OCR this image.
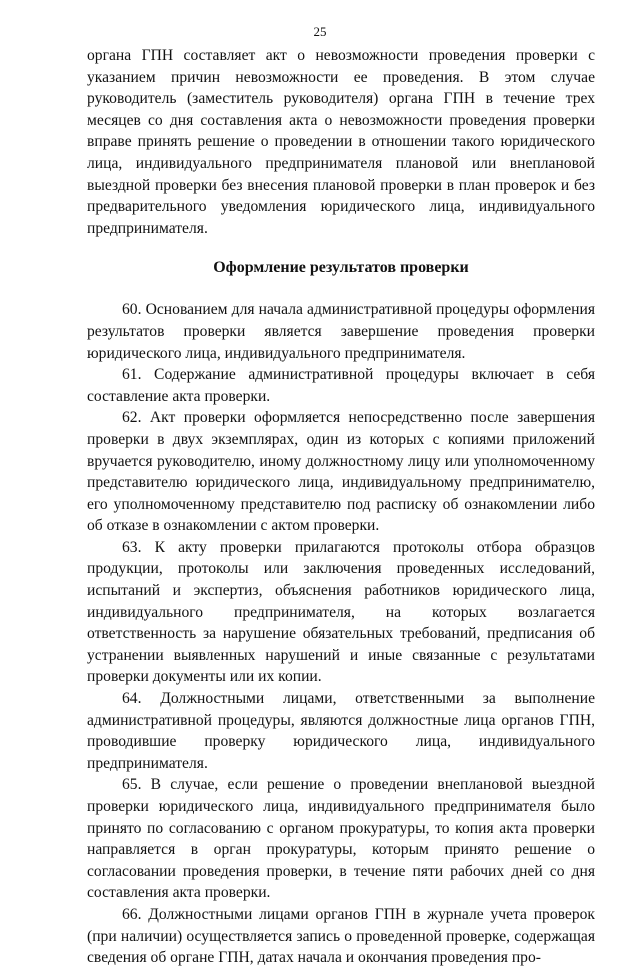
25

органа ГПН составляет акт о невозможности проведения проверки с указанием причин невозможности ее проведения. В этом случае руководитель (заместитель руководителя) органа ГПН в течение трех месяцев со дня составления акта о невозможности проведения проверки вправе принять решение о проведении в отношении такого юридического лица, индивидуального предпринимателя плановой или внеплановой выездной проверки без внесения плановой проверки в план проверок и без предварительного уведомления юридического лица, индивидуального предпринимателя.

Оформление результатов проверки

60. Основанием для начала административной процедуры оформления результатов проверки является завершение проведения проверки юридического лица, индивидуального предпринимателя.

61. Содержание административной процедуры включает в себя составление акта проверки.

62. Акт проверки оформляется непосредственно после завершения проверки в двух экземплярах, один из которых с копиями приложений вручается руководителю, иному должностному лицу или уполномоченному представителю юридического лица, индивидуальному предпринимателю, его уполномоченному представителю под расписку об ознакомлении либо об отказе в ознакомлении с актом проверки.

63. К акту проверки прилагаются протоколы отбора образцов продукции, протоколы или заключения проведенных исследований, испытаний и экспертиз, объяснения работников юридического лица, индивидуального предпринимателя, на которых возлагается ответственность за нарушение обязательных требований, предписания об устранении выявленных нарушений и иные связанные с результатами проверки документы или их копии.

64. Должностными лицами, ответственными за выполнение административной процедуры, являются должностные лица органов ГПН, проводившие проверку юридического лица, индивидуального предпринимателя.

65. В случае, если решение о проведении внеплановой выездной проверки юридического лица, индивидуального предпринимателя было принято по согласованию с органом прокуратуры, то копия акта проверки направляется в орган прокуратуры, которым принято решение о согласовании проведения проверки, в течение пяти рабочих дней со дня составления акта проверки.

66. Должностными лицами органов ГПН в журнале учета проверок (при наличии) осуществляется запись о проведенной проверке, содержащая сведения об органе ГПН, датах начала и окончания проведения про-
